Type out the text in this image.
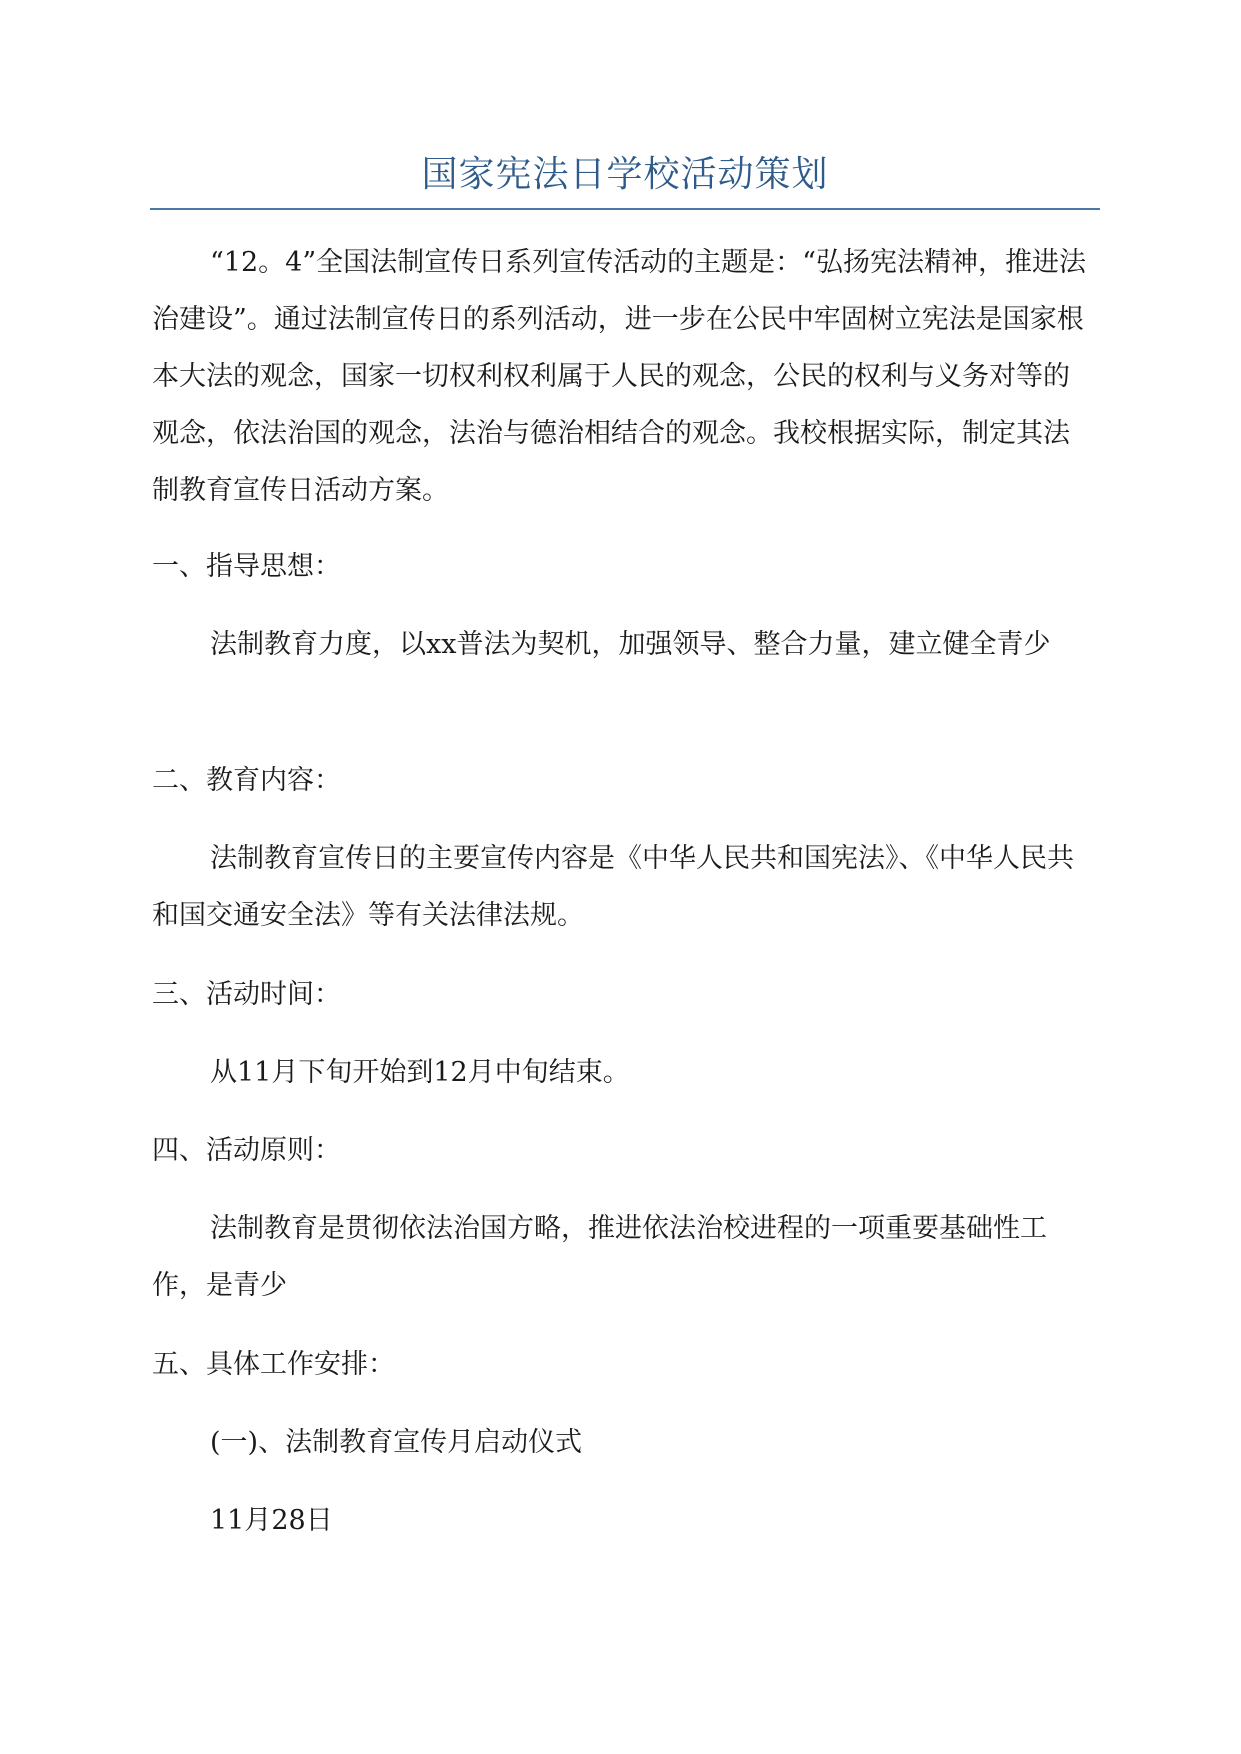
国家宪法日学校活动策划

“12。4”全国法制宣传日系列宣传活动的主题是：“弘扬宪法精神，推进法治建设”。通过法制宣传日的系列活动，进一步在公民中牢固树立宪法是国家根本大法的观念，国家一切权利权利属于人民的观念，公民的权利与义务对等的观念，依法治国的观念，法治与德治相结合的观念。我校根据实际，制定其法制教育宣传日活动方案。

一、指导思想：

法制教育力度，以xx普法为契机，加强领导、整合力量，建立健全青少

二、教育内容：

法制教育宣传日的主要宣传内容是《中华人民共和国宪法》、《中华人民共和国交通安全法》等有关法律法规。

三、活动时间：

从11月下旬开始到12月中旬结束。

四、活动原则：

法制教育是贯彻依法治国方略，推进依法治校进程的一项重要基础性工作，是青少

五、具体工作安排：

(一)、法制教育宣传月启动仪式

11月28日
